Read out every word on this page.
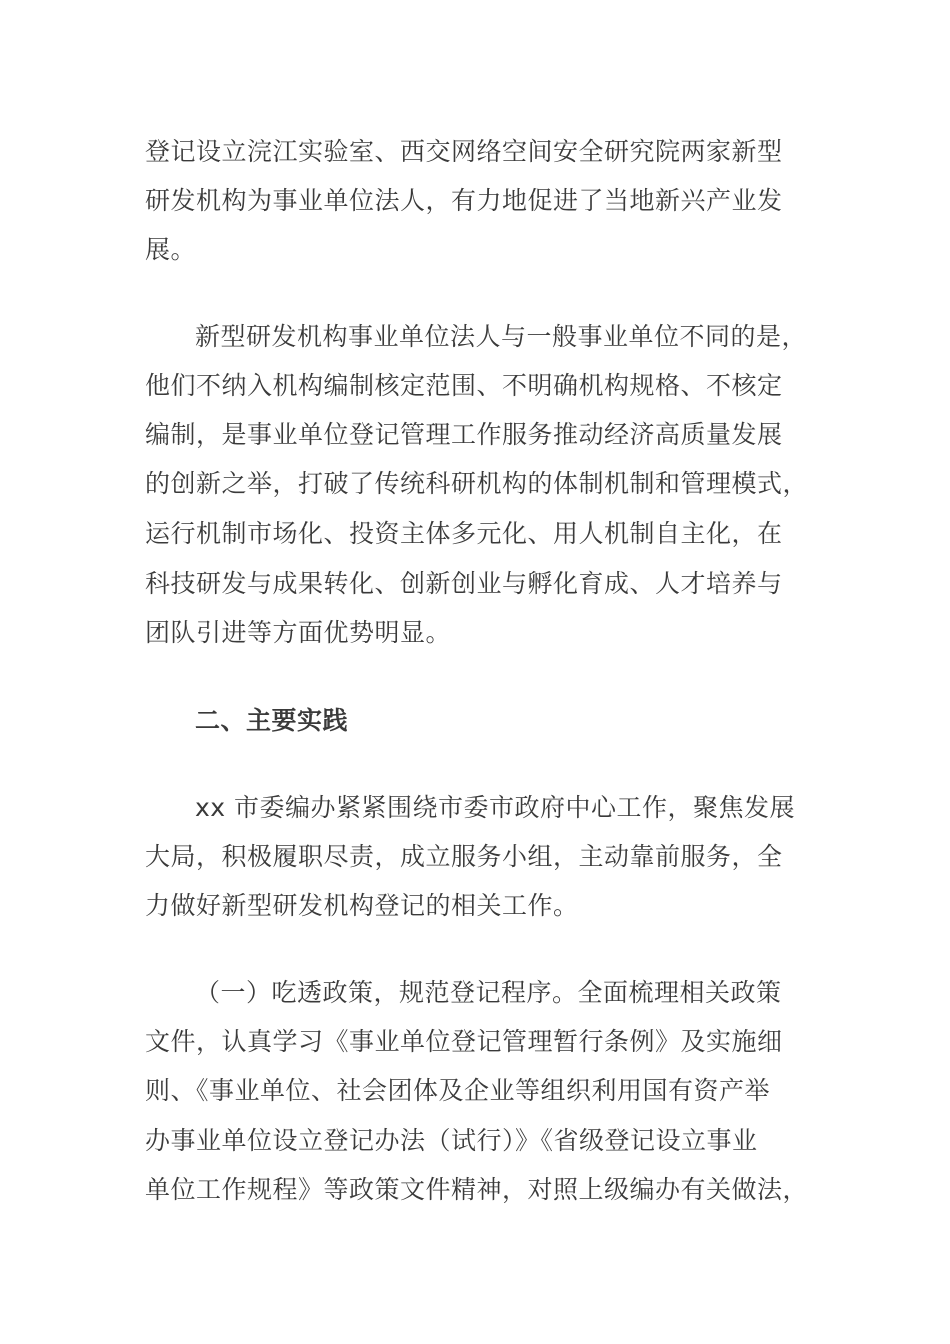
登记设立浣江实验室、西交网络空间安全研究院两家新型
研发机构为事业单位法人，有力地促进了当地新兴产业发
展。
新型研发机构事业单位法人与一般事业单位不同的是，
他们不纳入机构编制核定范围、不明确机构规格、不核定
编制，是事业单位登记管理工作服务推动经济高质量发展
的创新之举，打破了传统科研机构的体制机制和管理模式，
运行机制市场化、投资主体多元化、用人机制自主化，在
科技研发与成果转化、创新创业与孵化育成、人才培养与
团队引进等方面优势明显。
二、主要实践
xx 市委编办紧紧围绕市委市政府中心工作，聚焦发展
大局，积极履职尽责，成立服务小组，主动靠前服务，全
力做好新型研发机构登记的相关工作。
（一）吃透政策，规范登记程序。全面梳理相关政策
文件，认真学习《事业单位登记管理暂行条例》及实施细
则、《事业单位、社会团体及企业等组织利用国有资产举
办事业单位设立登记办法（试行）》《省级登记设立事业
单位工作规程》等政策文件精神，对照上级编办有关做法，
